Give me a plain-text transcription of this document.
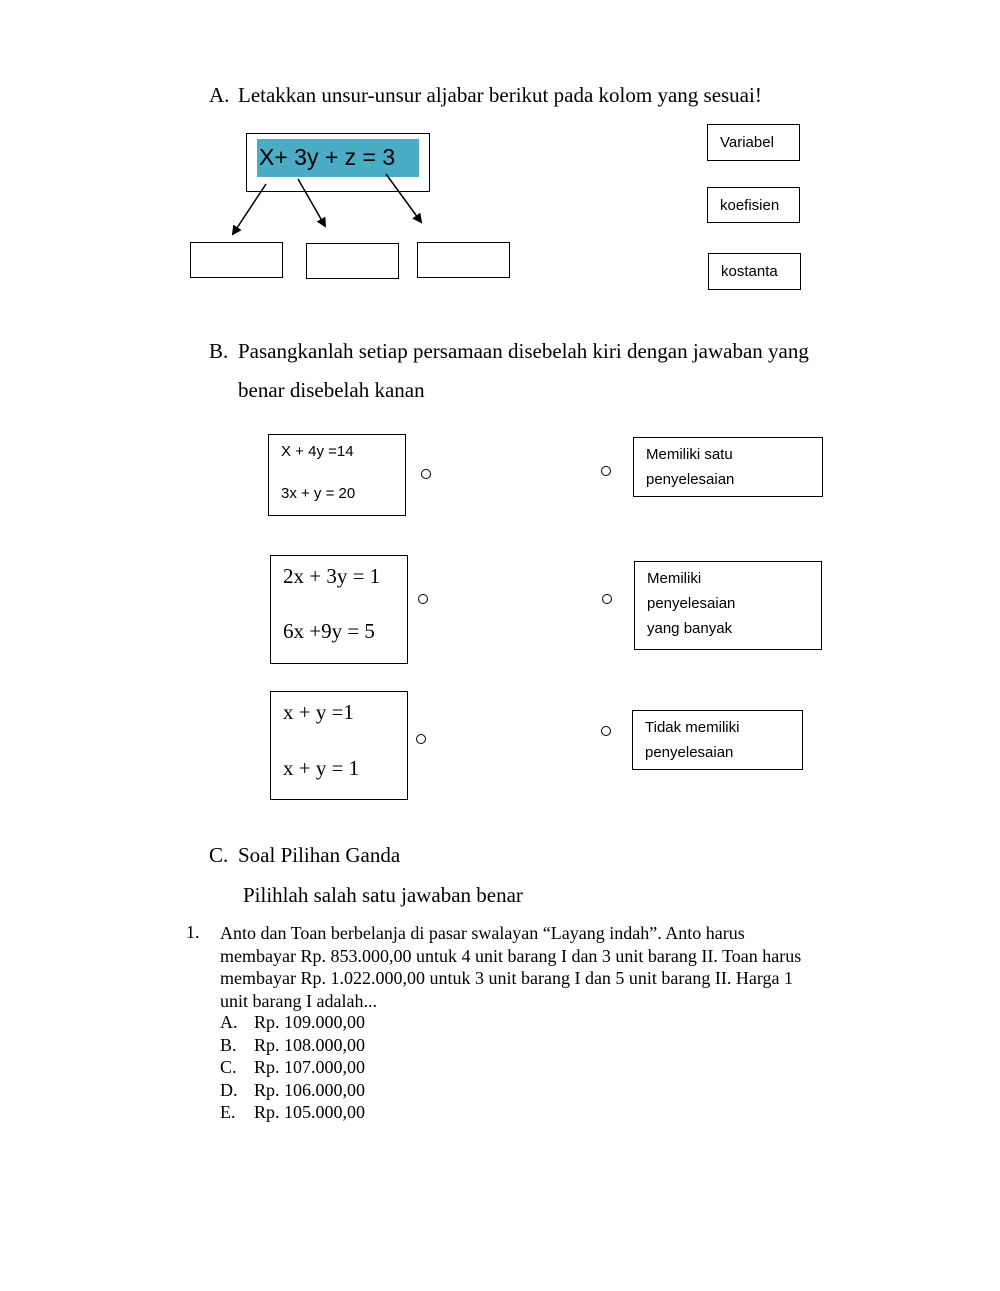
A. Letakkan unsur-unsur aljabar berikut pada kolom yang sesuai!
X+ 3y + z = 3
Variabel
koefisien
kostanta
B. Pasangkanlah setiap persamaan disebelah kiri dengan jawaban yang
benar disebelah kanan
X + 4y =14
3x + y = 20
2x + 3y = 1
6x +9y = 5
x + y =1
x + y = 1
Memiliki satu
penyelesaian
Memiliki
penyelesaian
yang banyak
Tidak memiliki
penyelesaian
C. Soal Pilihan Ganda
Pilihlah salah satu jawaban benar
1. Anto dan Toan berbelanja di pasar swalayan “Layang indah”. Anto harus
membayar Rp. 853.000,00 untuk 4 unit barang I dan 3 unit barang II. Toan harus
membayar Rp. 1.022.000,00 untuk 3 unit barang I dan 5 unit barang II. Harga 1
unit barang I adalah...
A. Rp. 109.000,00
B. Rp. 108.000,00
C. Rp. 107.000,00
D. Rp. 106.000,00
E. Rp. 105.000,00
